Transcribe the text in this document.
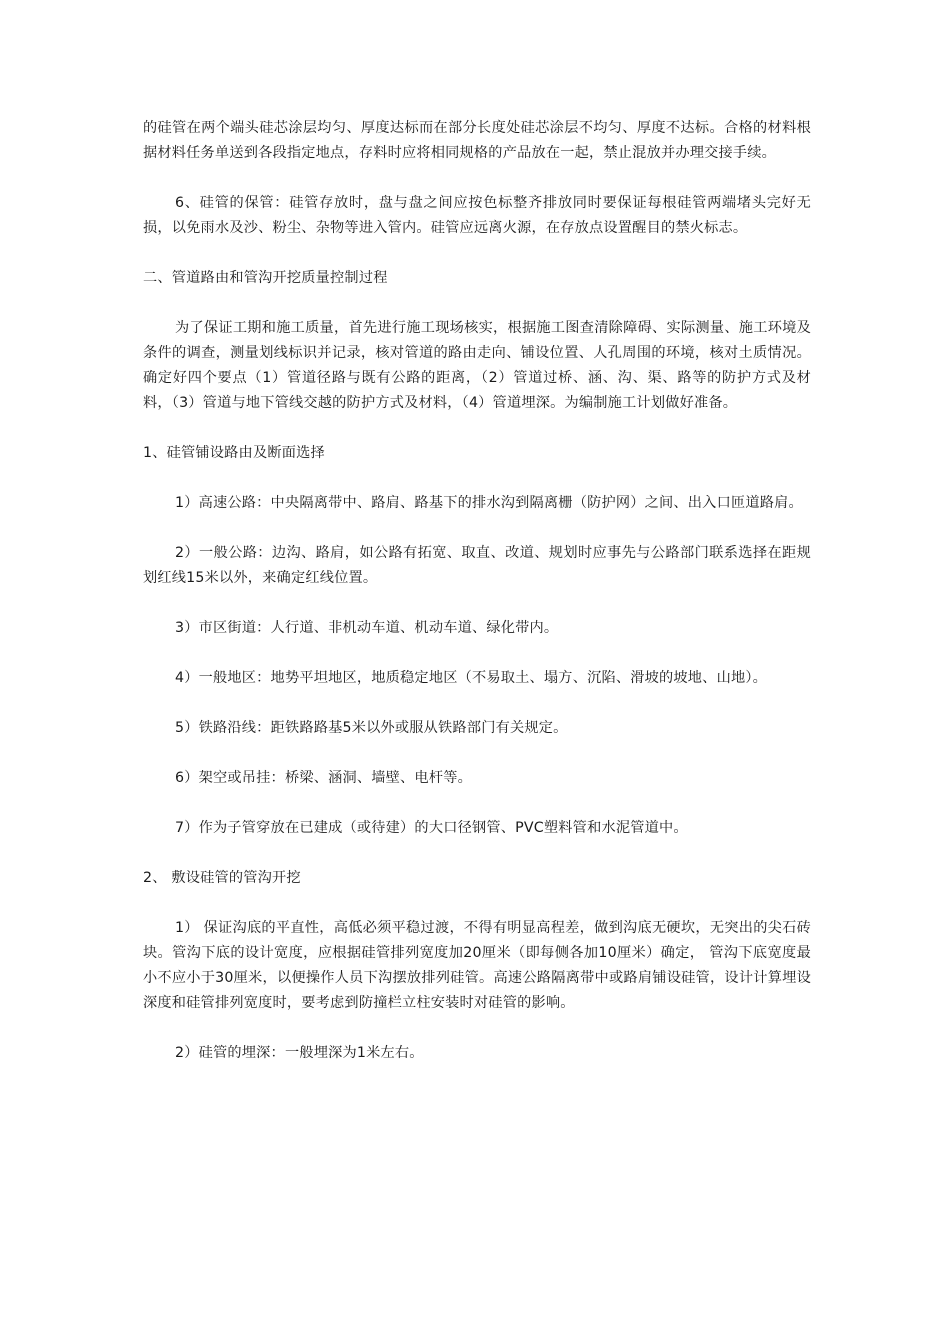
的硅管在两个端头硅芯涂层均匀、厚度达标而在部分长度处硅芯涂层不均匀、厚度不达标。合格的材料根据材料任务单送到各段指定地点，存料时应将相同规格的产品放在一起，禁止混放并办理交接手续。

6、硅管的保管：硅管存放时，盘与盘之间应按色标整齐排放同时要保证每根硅管两端堵头完好无损，以免雨水及沙、粉尘、杂物等进入管内。硅管应远离火源，在存放点设置醒目的禁火标志。

二、管道路由和管沟开挖质量控制过程

为了保证工期和施工质量，首先进行施工现场核实，根据施工图查清除障碍、实际测量、施工环境及条件的调查，测量划线标识并记录，核对管道的路由走向、铺设位置、人孔周围的环境，核对土质情况。确定好四个要点（1）管道径路与既有公路的距离，（2）管道过桥、涵、沟、渠、路等的防护方式及材料，（3）管道与地下管线交越的防护方式及材料，（4）管道埋深。为编制施工计划做好准备。

1、硅管铺设路由及断面选择

1）高速公路：中央隔离带中、路肩、路基下的排水沟到隔离栅（防护网）之间、出入口匝道路肩。

2）一般公路：边沟、路肩，如公路有拓宽、取直、改道、规划时应事先与公路部门联系选择在距规划红线15米以外，来确定红线位置。

3）市区街道：人行道、非机动车道、机动车道、绿化带内。

4）一般地区：地势平坦地区，地质稳定地区（不易取土、塌方、沉陷、滑坡的坡地、山地）。

5）铁路沿线：距铁路路基5米以外或服从铁路部门有关规定。

6）架空或吊挂：桥梁、涵洞、墙壁、电杆等。

7）作为子管穿放在已建成（或待建）的大口径钢管、PVC塑料管和水泥管道中。

2、 敷设硅管的管沟开挖

1） 保证沟底的平直性，高低必须平稳过渡，不得有明显高程差，做到沟底无硬坎，无突出的尖石砖块。管沟下底的设计宽度，应根据硅管排列宽度加20厘米（即每侧各加10厘米）确定， 管沟下底宽度最小不应小于30厘米，以便操作人员下沟摆放排列硅管。高速公路隔离带中或路肩铺设硅管，设计计算埋设深度和硅管排列宽度时，要考虑到防撞栏立柱安装时对硅管的影响。

2）硅管的埋深：一般埋深为1米左右。
